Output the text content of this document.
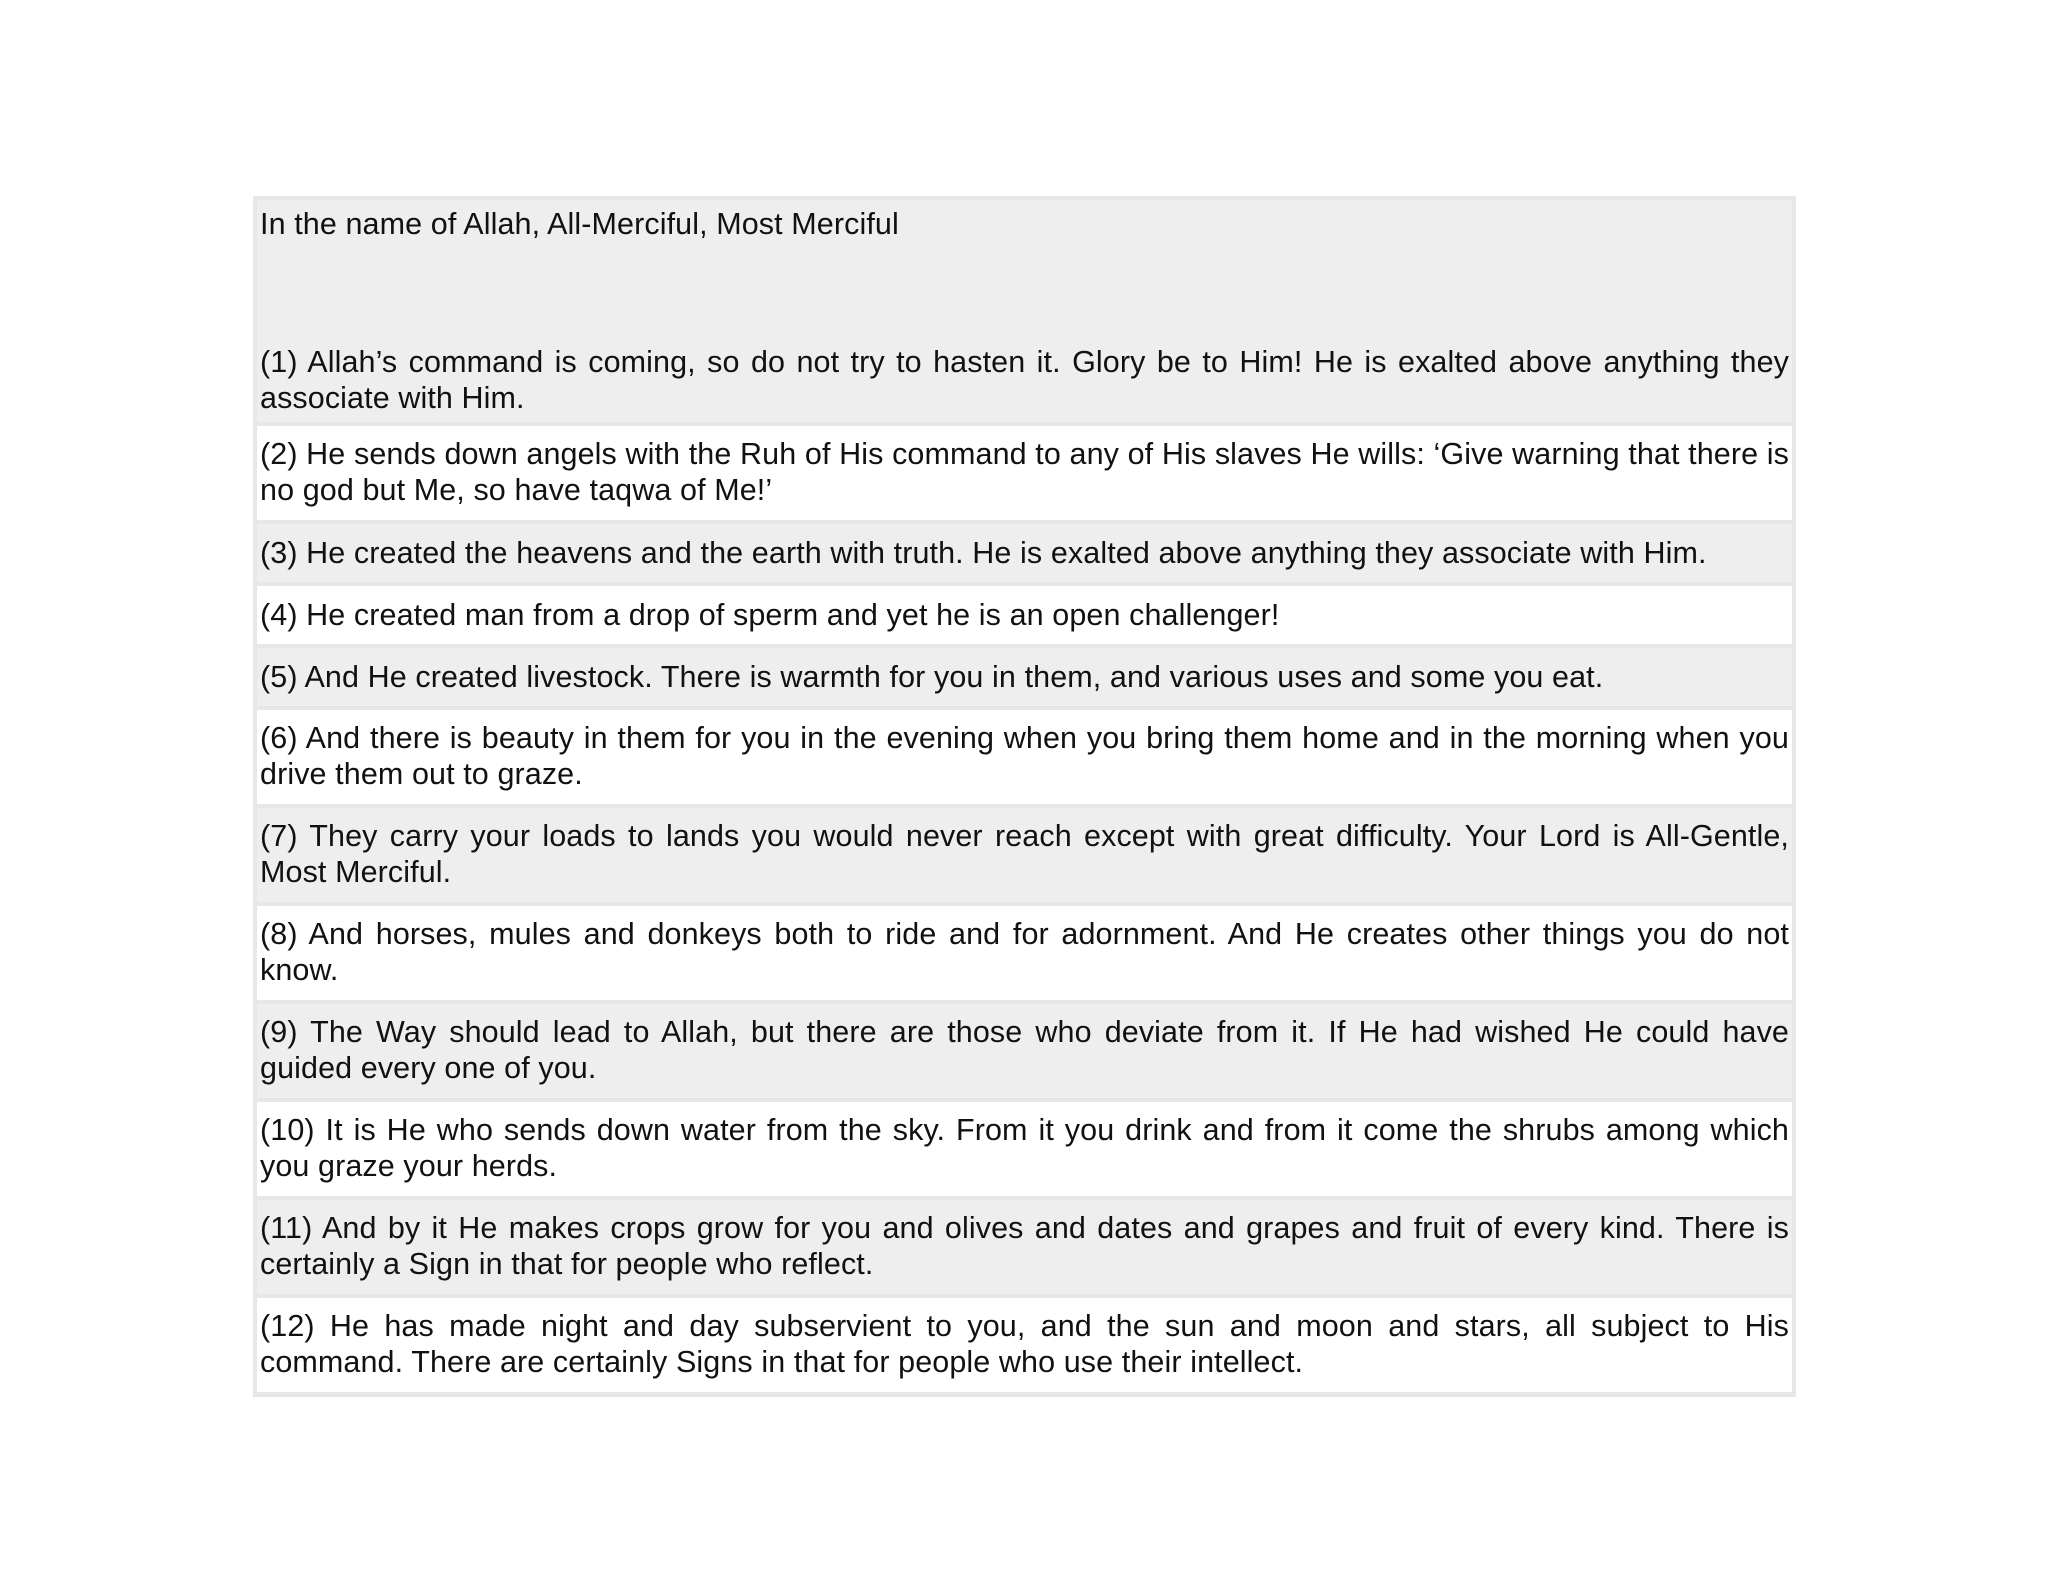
In the name of Allah, All-Merciful, Most Merciful
(1) Allah’s command is coming, so do not try to hasten it. Glory be to Him! He is exalted above anything they associate with Him.
(2) He sends down angels with the Ruh of His command to any of His slaves He wills: ‘Give warning that there is no god but Me, so have taqwa of Me!’
(3) He created the heavens and the earth with truth. He is exalted above anything they associate with Him.
(4) He created man from a drop of sperm and yet he is an open challenger!
(5) And He created livestock. There is warmth for you in them, and various uses and some you eat.
(6) And there is beauty in them for you in the evening when you bring them home and in the morning when you drive them out to graze.
(7) They carry your loads to lands you would never reach except with great difficulty. Your Lord is All-Gentle, Most Merciful.
(8) And horses, mules and donkeys both to ride and for adornment. And He creates other things you do not know.
(9) The Way should lead to Allah, but there are those who deviate from it. If He had wished He could have guided every one of you.
(10) It is He who sends down water from the sky. From it you drink and from it come the shrubs among which you graze your herds.
(11) And by it He makes crops grow for you and olives and dates and grapes and fruit of every kind. There is certainly a Sign in that for people who reflect.
(12) He has made night and day subservient to you, and the sun and moon and stars, all subject to His command. There are certainly Signs in that for people who use their intellect.
